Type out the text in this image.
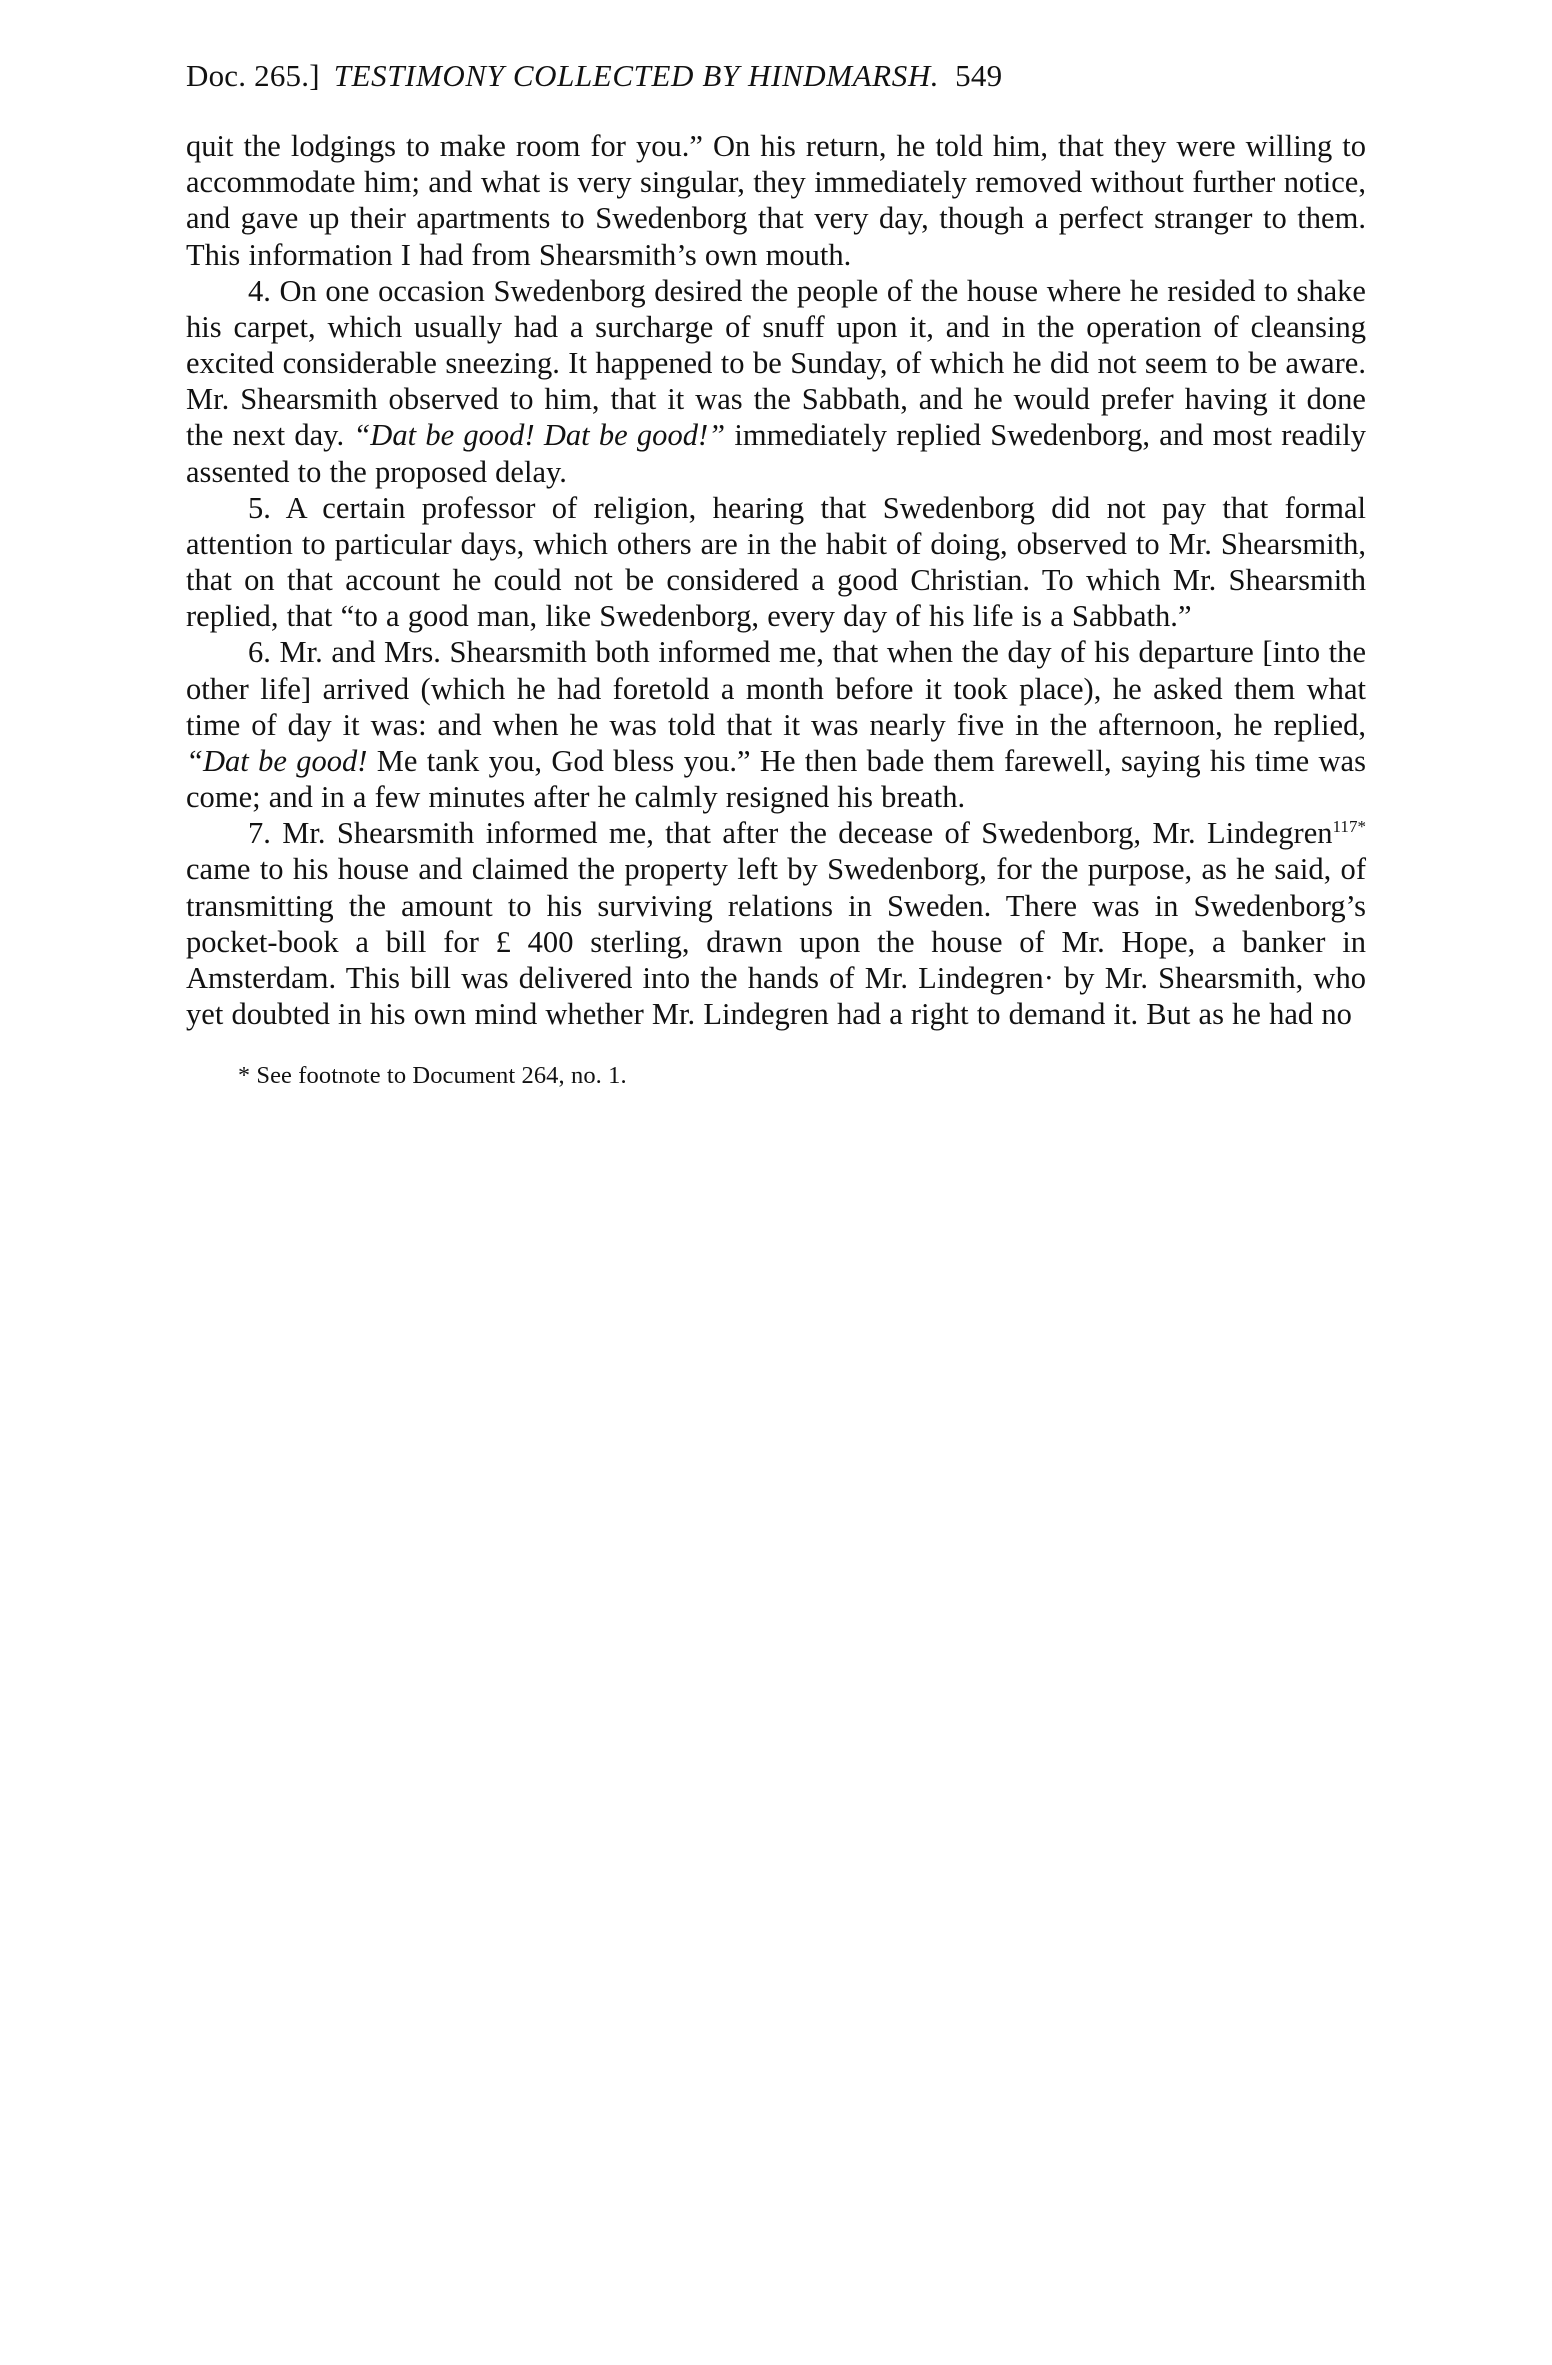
Doc. 265.] TESTIMONY COLLECTED BY HINDMARSH. 549

quit the lodgings to make room for you.” On his return, he told him, that they were willing to accommodate him; and what is very singular, they immediately removed without further notice, and gave up their apartments to Swedenborg that very day, though a perfect stranger to them. This information I had from Shearsmith’s own mouth.

4. On one occasion Swedenborg desired the people of the house where he resided to shake his carpet, which usually had a surcharge of snuff upon it, and in the operation of cleansing excited considerable sneezing. It happened to be Sunday, of which he did not seem to be aware. Mr. Shearsmith observed to him, that it was the Sabbath, and he would prefer having it done the next day. “Dat be good! Dat be good!” immediately replied Swedenborg, and most readily assented to the proposed delay.

5. A certain professor of religion, hearing that Swedenborg did not pay that formal attention to particular days, which others are in the habit of doing, observed to Mr. Shearsmith, that on that account he could not be considered a good Christian. To which Mr. Shearsmith replied, that “to a good man, like Swedenborg, every day of his life is a Sabbath.”

6. Mr. and Mrs. Shearsmith both informed me, that when the day of his departure [into the other life] arrived (which he had foretold a month before it took place), he asked them what time of day it was: and when he was told that it was nearly five in the afternoon, he replied, “Dat be good! Me tank you, God bless you.” He then bade them farewell, saying his time was come; and in a few minutes after he calmly resigned his breath.

7. Mr. Shearsmith informed me, that after the decease of Swedenborg, Mr. Lindegren$^{117*}$ came to his house and claimed the property left by Swedenborg, for the purpose, as he said, of transmitting the amount to his surviving relations in Sweden. There was in Swedenborg’s pocket-book a bill for £ 400 sterling, drawn upon the house of Mr. Hope, a banker in Amsterdam. This bill was delivered into the hands of Mr. Lindegren· by Mr. Shearsmith, who yet doubted in his own mind whether Mr. Lindegren had a right to demand it. But as he had no

* See footnote to Document 264, no. 1.
